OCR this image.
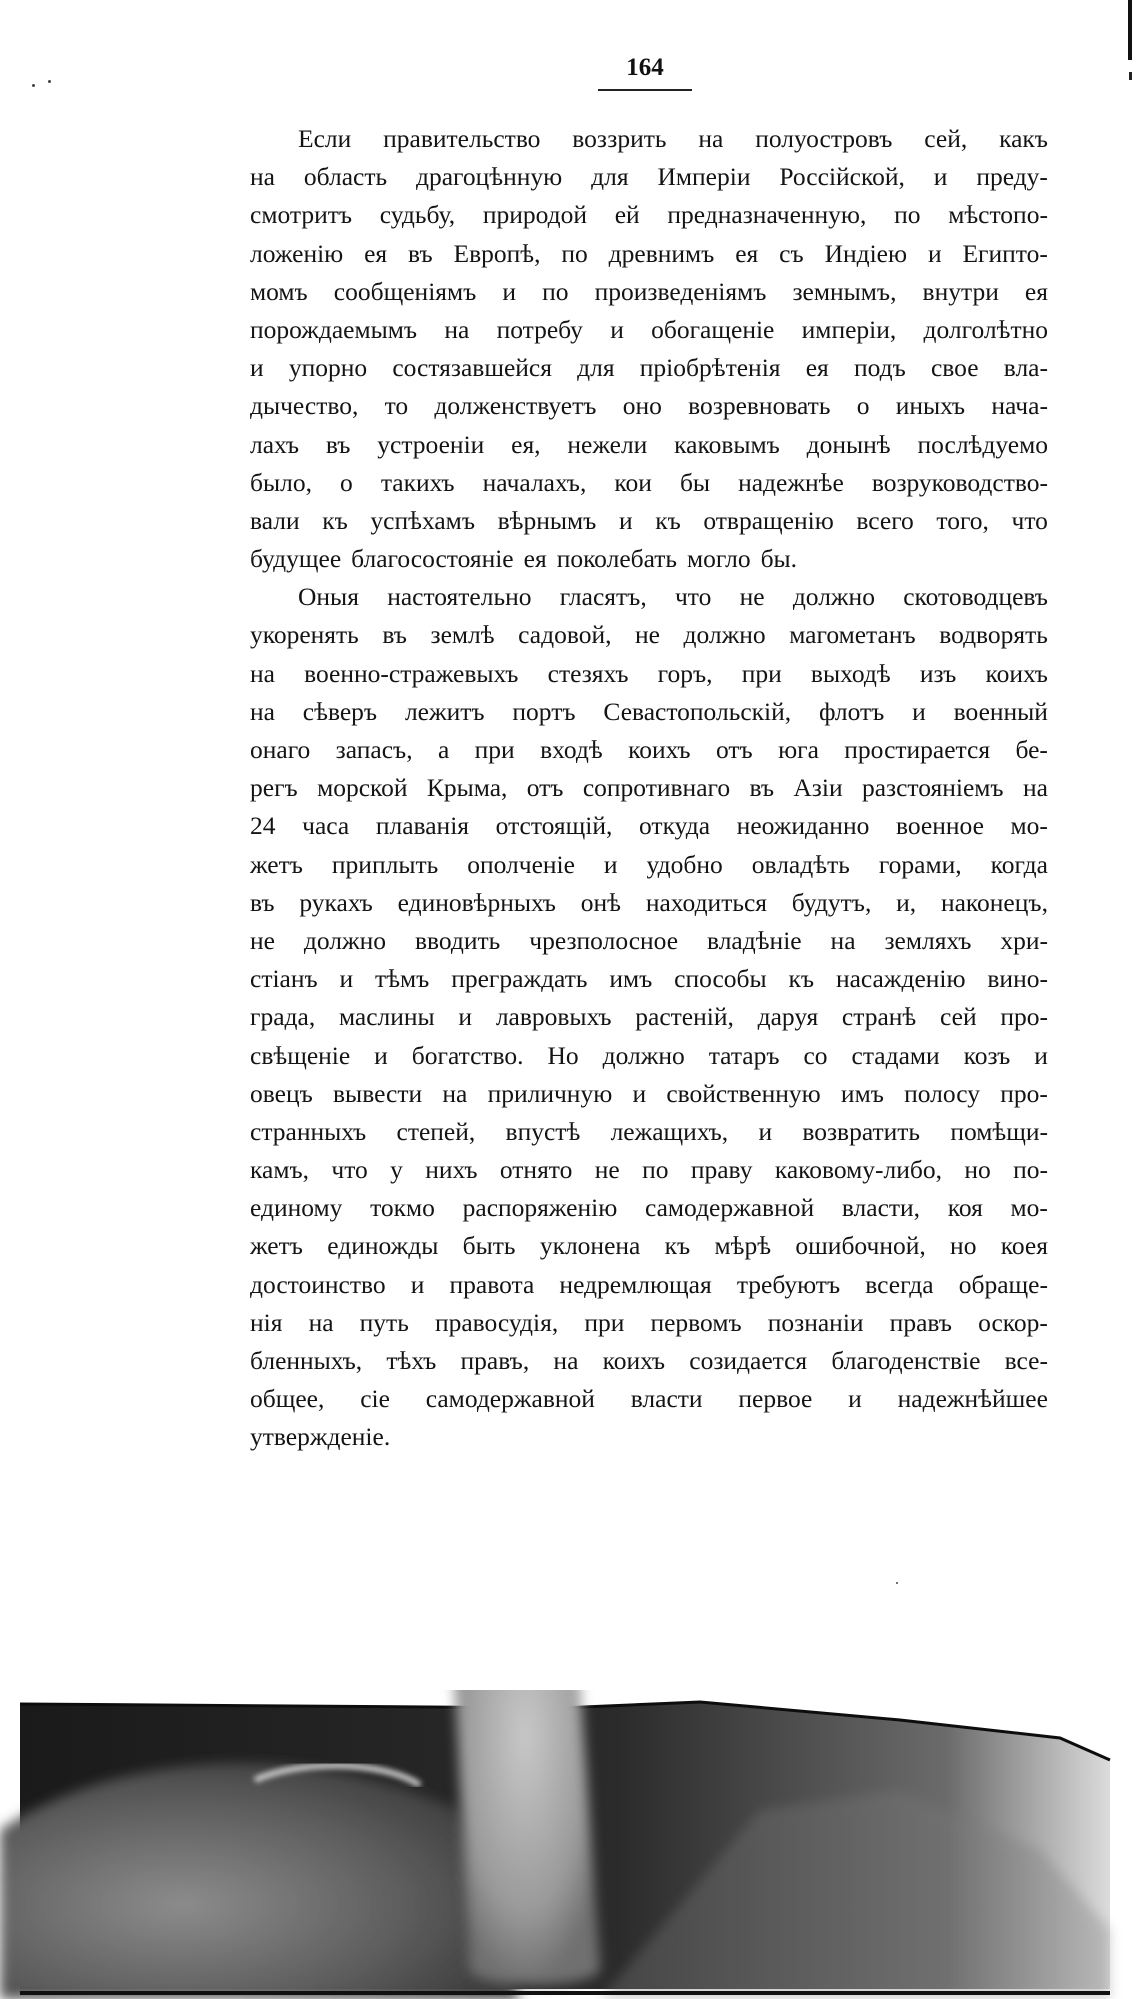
164
Если правительство воззрить на полуостровъ сей, какъ
на область драгоцѣнную для Имперіи Россійской, и преду-
смотритъ судьбу, природой ей предназначенную, по мѣстопо-
ложенію ея въ Европѣ, по древнимъ ея съ Индіею и Египто-
момъ сообщеніямъ и по произведеніямъ земнымъ, внутри ея
порождаемымъ на потребу и обогащеніе имперіи, долголѣтно
и упорно состязавшейся для пріобрѣтенія ея подъ свое вла-
дычество, то долженствуетъ оно возревновать о иныхъ нача-
лахъ въ устроеніи ея, нежели каковымъ донынѣ послѣдуемо
было, о такихъ началахъ, кои бы надежнѣе возруководство-
вали къ успѣхамъ вѣрнымъ и къ отвращенію всего того, что
будущее благосостояніе ея поколебать могло бы.
Оныя настоятельно гласятъ, что не должно скотоводцевъ
укоренять въ землѣ садовой, не должно магометанъ водворять
на военно-стражевыхъ стезяхъ горъ, при выходѣ изъ коихъ
на сѣверъ лежитъ портъ Севастопольскій, флотъ и военный
онаго запасъ, а при входѣ коихъ отъ юга простирается бе-
регъ морской Крыма, отъ сопротивнаго въ Азіи разстояніемъ на
24 часа плаванія отстоящій, откуда неожиданно военное мо-
жетъ приплыть ополченіе и удобно овладѣть горами, когда
въ рукахъ единовѣрныхъ онѣ находиться будутъ, и, наконецъ,
не должно вводить чрезполосное владѣніе на земляхъ хри-
стіанъ и тѣмъ преграждать имъ способы къ насажденію вино-
града, маслины и лавровыхъ растеній, даруя странѣ сей про-
свѣщеніе и богатство. Но должно татаръ со стадами козъ и
овецъ вывести на приличную и свойственную имъ полосу про-
странныхъ степей, впустѣ лежащихъ, и возвратить помѣщи-
камъ, что у нихъ отнято не по праву каковому-либо, но по-
единому токмо распоряженію самодержавной власти, коя мо-
жетъ единожды быть уклонена къ мѣрѣ ошибочной, но коея
достоинство и правота недремлющая требуютъ всегда обраще-
нія на путь правосудія, при первомъ познаніи правъ оскор-
бленныхъ, тѣхъ правъ, на коихъ созидается благоденствіе все-
общее, сіе самодержавной власти первое и надежнѣйшее
утвержденіе.
